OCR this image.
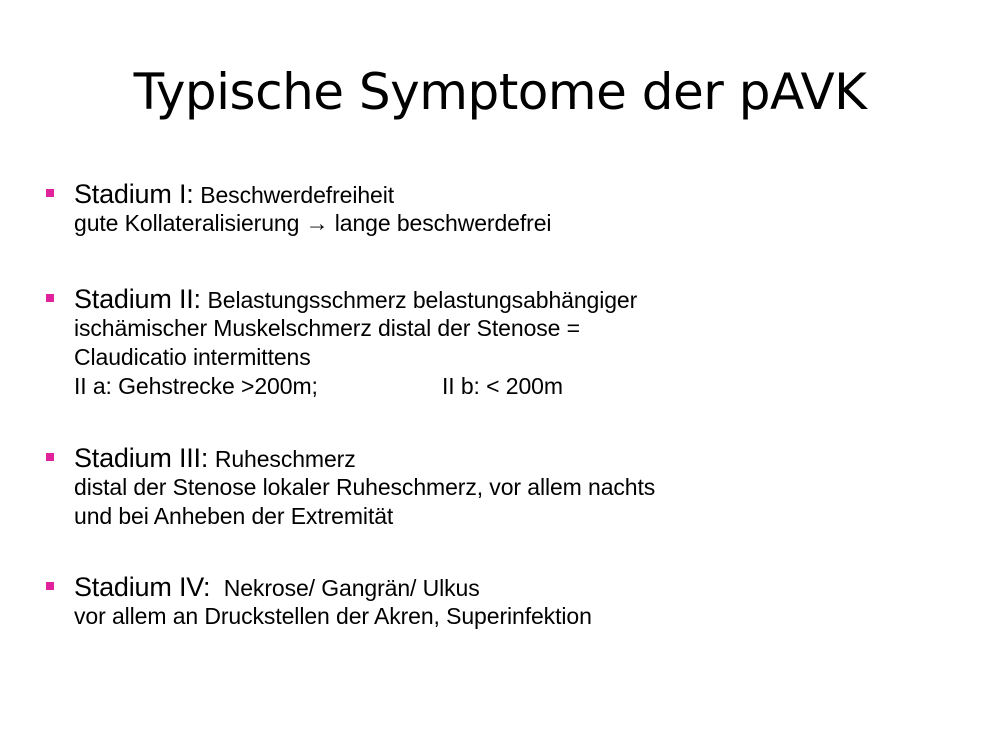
Typische Symptome der pAVK
Stadium I: Beschwerdefreiheit
gute Kollateralisierung → lange beschwerdefrei
Stadium II: Belastungsschmerz belastungsabhängiger
ischämischer Muskelschmerz distal der Stenose =
Claudicatio intermittens
II a: Gehstrecke >200m;	II b: < 200m
Stadium III: Ruheschmerz
distal der Stenose lokaler Ruheschmerz, vor allem nachts
und bei Anheben der Extremität
Stadium IV: Nekrose/ Gangrän/ Ulkus
vor allem an Druckstellen der Akren, Superinfektion
